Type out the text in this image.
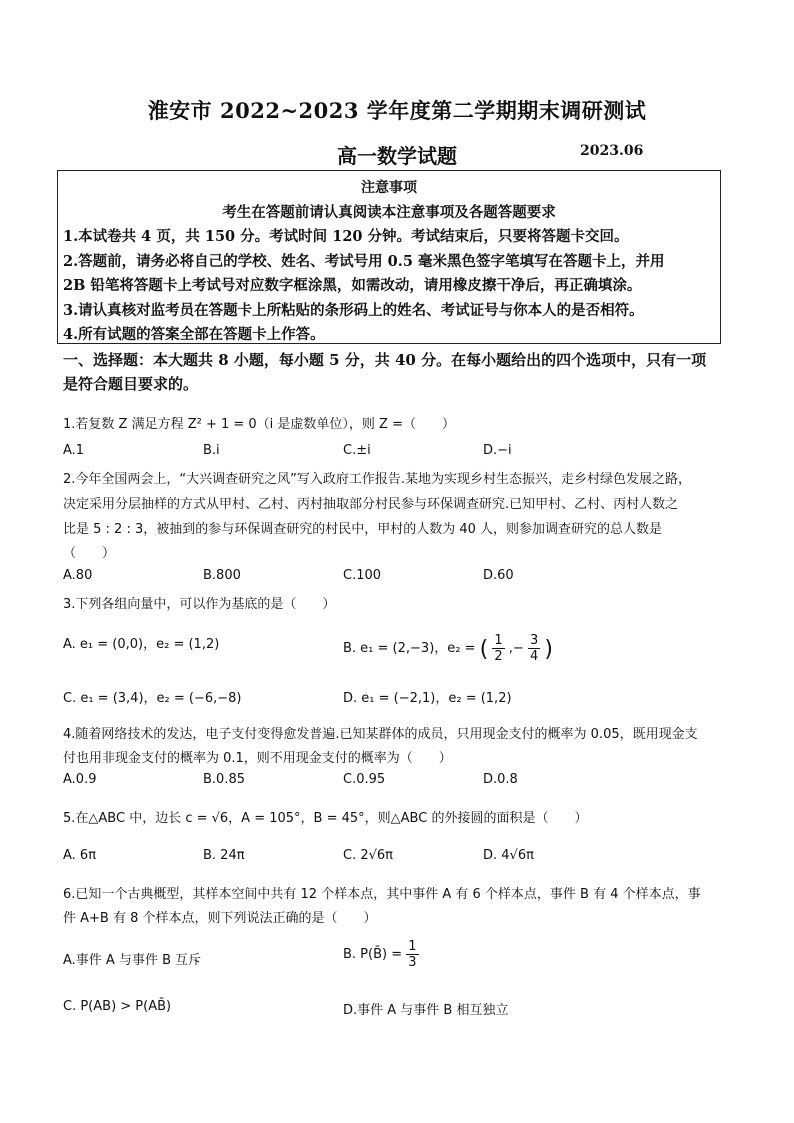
淮安市 2022~2023 学年度第二学期期末调研测试
高一数学试题	2023.06
注意事项
考生在答题前请认真阅读本注意事项及各题答题要求
1.本试卷共 4 页，共 150 分。考试时间 120 分钟。考试结束后，只要将答题卡交回。
2.答题前，请务必将自己的学校、姓名、考试号用 0.5 毫米黑色签字笔填写在答题卡上，并用
2B 铅笔将答题卡上考试号对应数字框涂黑，如需改动，请用橡皮擦干净后，再正确填涂。
3.请认真核对监考员在答题卡上所粘贴的条形码上的姓名、考试证号与你本人的是否相符。
4.所有试题的答案全部在答题卡上作答。
一、选择题：本大题共 8 小题，每小题 5 分，共 40 分。在每小题给出的四个选项中，只有一项
是符合题目要求的。
1.若复数 Z 满足方程 Z² + 1 = 0（i 是虚数单位），则 Z =（　　）
A.1	B.i	C.±i	D.−i
2.今年全国两会上，“大兴调查研究之风”写入政府工作报告.某地为实现乡村生态振兴，走乡村绿色发展之路，
决定采用分层抽样的方式从甲村、乙村、丙村抽取部分村民参与环保调查研究.已知甲村、乙村、丙村人数之
比是 5 : 2 : 3，被抽到的参与环保调查研究的村民中，甲村的人数为 40 人，则参加调查研究的总人数是
（　　）
A.80	B.800	C.100	D.60
3.下列各组向量中，可以作为基底的是（　　）
A. e₁ = (0,0)，e₂ = (1,2)	B. e₁ = (2,−3)，e₂ = ( $\frac{1}{2}$ ,− $\frac{3}{4}$ )
C. e₁ = (3,4)，e₂ = (−6,−8)	D. e₁ = (−2,1)，e₂ = (1,2)
4.随着网络技术的发达，电子支付变得愈发普遍.已知某群体的成员，只用现金支付的概率为 0.05，既用现金支
付也用非现金支付的概率为 0.1，则不用现金支付的概率为（　　）
A.0.9	B.0.85	C.0.95	D.0.8
5.在△ABC 中，边长 c = √6，A = 105°，B = 45°，则△ABC 的外接圆的面积是（　　）
A. 6π	B. 24π	C. 2√6π	D. 4√6π
6.已知一个古典概型，其样本空间中共有 12 个样本点，其中事件 A 有 6 个样本点，事件 B 有 4 个样本点，事
件 A+B 有 8 个样本点，则下列说法正确的是（　　）
A.事件 A 与事件 B 互斥	B. P(B̄) = $\frac{1}{3}$
C. P(AB) > P(AB̄)	D.事件 A 与事件 B 相互独立
